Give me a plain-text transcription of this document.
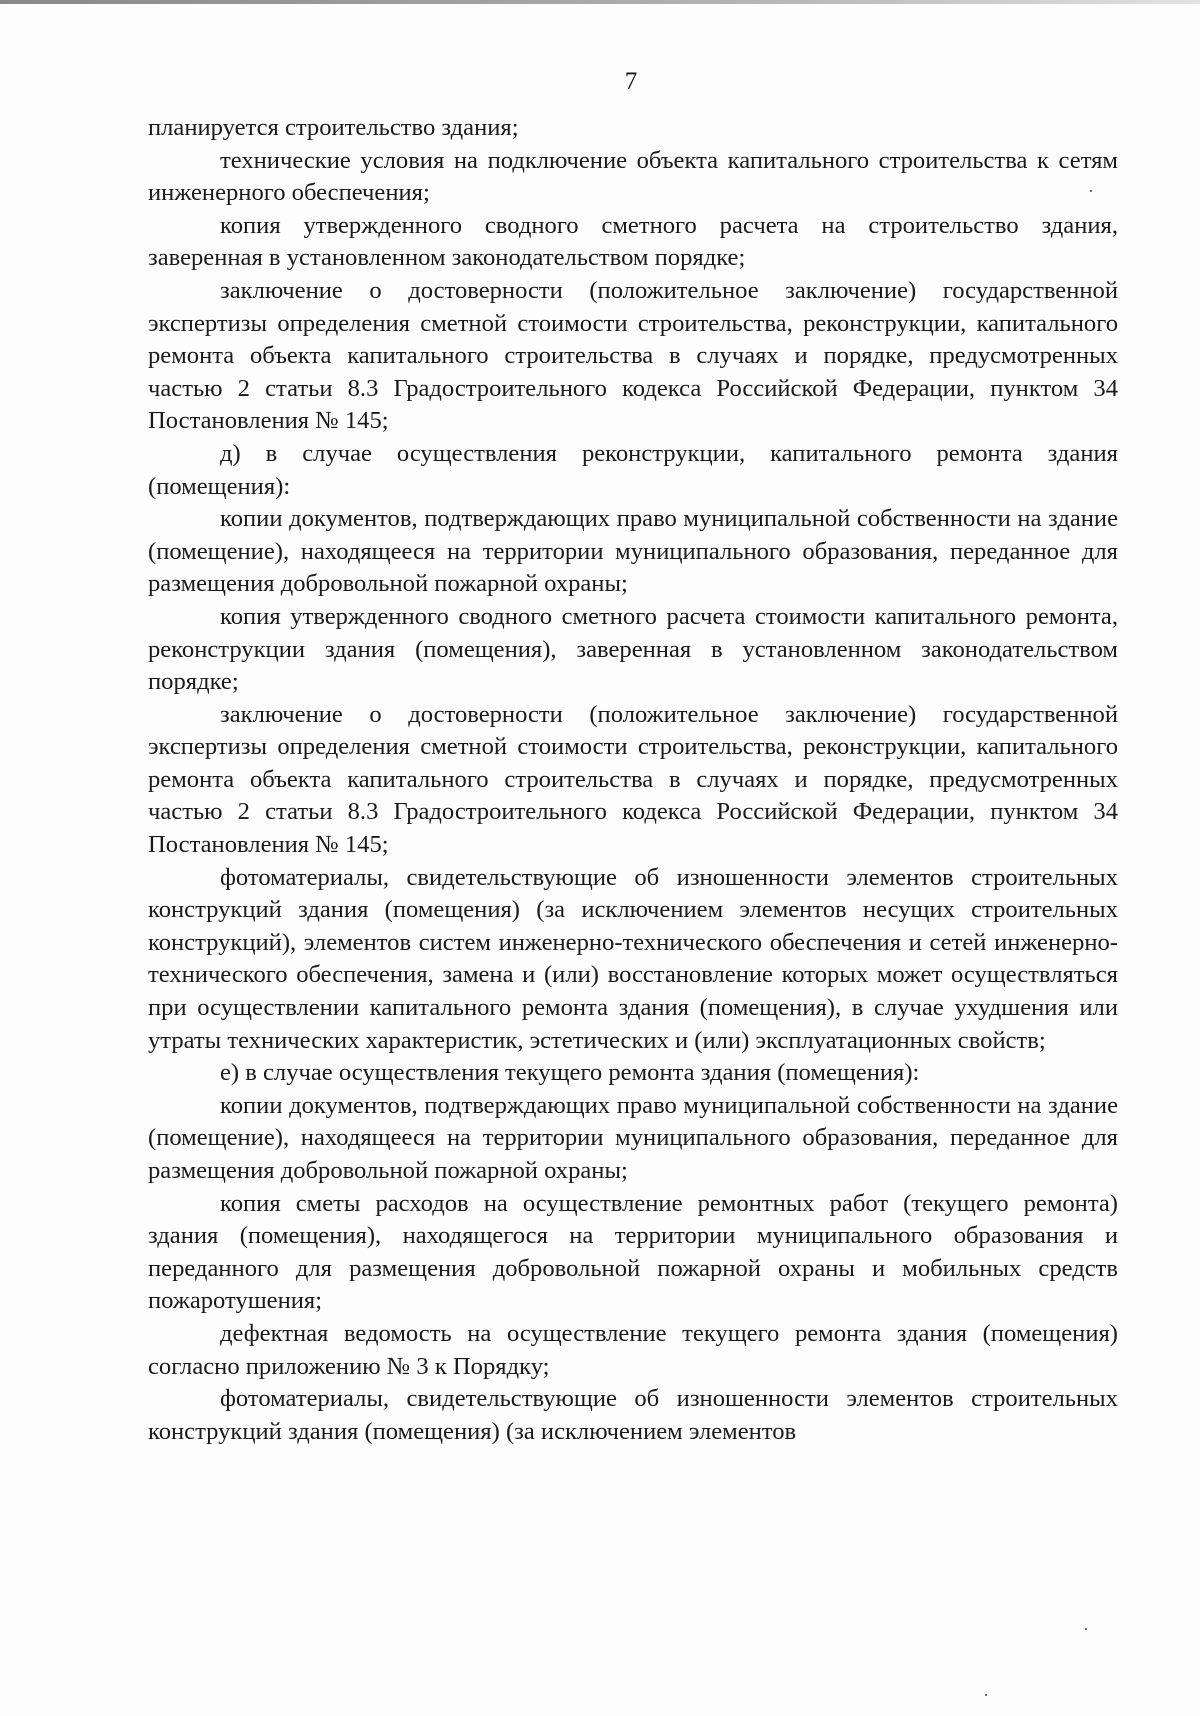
7

планируется строительство здания;

технические условия на подключение объекта капитального строительства к сетям инженерного обеспечения;

копия утвержденного сводного сметного расчета на строительство здания, заверенная в установленном законодательством порядке;

заключение о достоверности (положительное заключение) государственной экспертизы определения сметной стоимости строительства, реконструкции, капитального ремонта объекта капитального строительства в случаях и порядке, предусмотренных частью 2 статьи 8.3 Градостроительного кодекса Российской Федерации, пунктом 34 Постановления № 145;

д) в случае осуществления реконструкции, капитального ремонта здания (помещения):

копии документов, подтверждающих право муниципальной собственности на здание (помещение), находящееся на территории муниципального образования, переданное для размещения добровольной пожарной охраны;

копия утвержденного сводного сметного расчета стоимости капитального ремонта, реконструкции здания (помещения), заверенная в установленном законодательством порядке;

заключение о достоверности (положительное заключение) государственной экспертизы определения сметной стоимости строительства, реконструкции, капитального ремонта объекта капитального строительства в случаях и порядке, предусмотренных частью 2 статьи 8.3 Градостроительного кодекса Российской Федерации, пунктом 34 Постановления № 145;

фотоматериалы, свидетельствующие об изношенности элементов строительных конструкций здания (помещения) (за исключением элементов несущих строительных конструкций), элементов систем инженерно-технического обеспечения и сетей инженерно-технического обеспечения, замена и (или) восстановление которых может осуществляться при осуществлении капитального ремонта здания (помещения), в случае ухудшения или утраты технических характеристик, эстетических и (или) эксплуатационных свойств;

е) в случае осуществления текущего ремонта здания (помещения):

копии документов, подтверждающих право муниципальной собственности на здание (помещение), находящееся на территории муниципального образования, переданное для размещения добровольной пожарной охраны;

копия сметы расходов на осуществление ремонтных работ (текущего ремонта) здания (помещения), находящегося на территории муниципального образования и переданного для размещения добровольной пожарной охраны и мобильных средств пожаротушения;

дефектная ведомость на осуществление текущего ремонта здания (помещения) согласно приложению № 3 к Порядку;

фотоматериалы, свидетельствующие об изношенности элементов строительных конструкций здания (помещения) (за исключением элементов
